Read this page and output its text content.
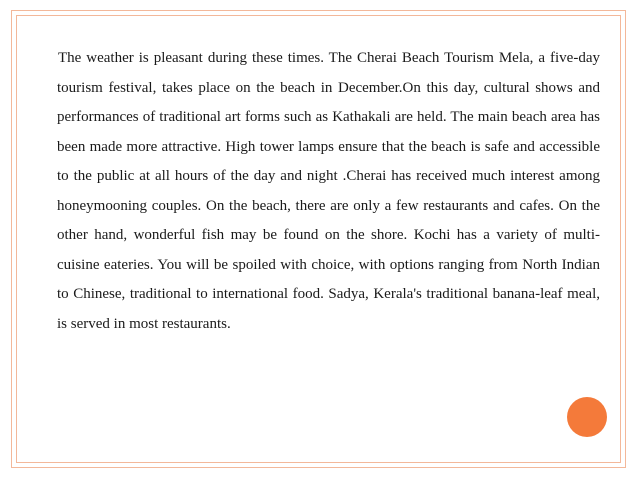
The weather is pleasant during these times. The Cherai Beach Tourism Mela, a five-day tourism festival, takes place on the beach in December.On this day, cultural shows and performances of traditional art forms such as Kathakali are held. The main beach area has been made more attractive. High tower lamps ensure that the beach is safe and accessible to the public at all hours of the day and night .Cherai has received much interest among honeymooning couples. On the beach, there are only a few restaurants and cafes. On the other hand, wonderful fish may be found on the shore. Kochi has a variety of multi-cuisine eateries. You will be spoiled with choice, with options ranging from North Indian to Chinese, traditional to international food. Sadya, Kerala's traditional banana-leaf meal, is served in most restaurants.
